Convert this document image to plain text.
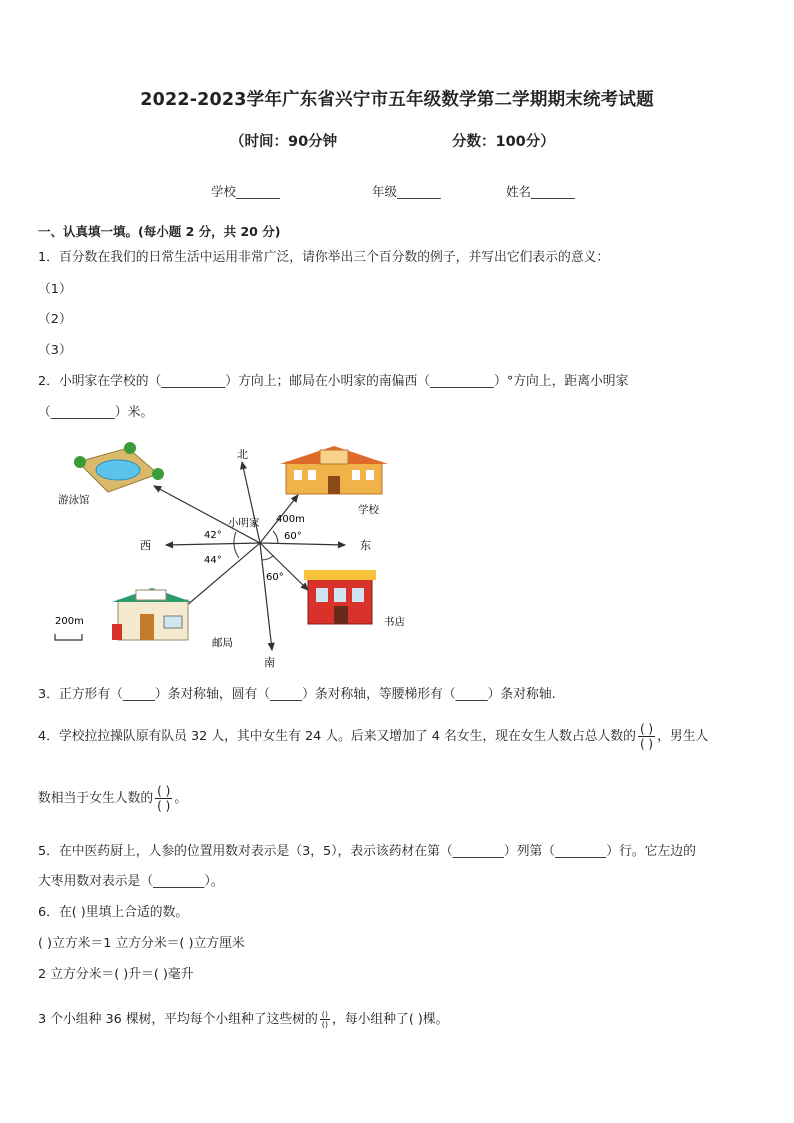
2022-2023学年广东省兴宁市五年级数学第二学期期末统考试题
（时间：90分钟	分数：100分）
学校_______	年级_______	姓名_______
一、认真填一填。(每小题 2 分，共 20 分)
1．百分数在我们的日常生活中运用非常广泛，请你举出三个百分数的例子，并写出它们表示的意义：
（1）
（2）
（3）
2．小明家在学校的（__________）方向上；邮局在小明家的南偏西（__________）°方向上，距离小明家
（__________）米。
北
南
西	东
小明家
游泳馆
学校
邮局
书店
400m
42°	60°
44°
60°
200m
3．正方形有（_____）条对称轴，圆有（_____）条对称轴，等腰梯形有（_____）条对称轴.
4．学校拉拉操队原有队员 32 人，其中女生有 24 人。后来又增加了 4 名女生，现在女生人数占总人数的 $\frac{( )}{( )}$ ，男生人
数相当于女生人数的 $\frac{( )}{( )}$ 。
5．在中医药厨上，人参的位置用数对表示是（3，5），表示该药材在第（________）列第（________）行。它左边的
大枣用数对表示是（________）。
6．在( )里填上合适的数。
( )立方米＝1 立方分米＝( )立方厘米
2 立方分米＝( )升＝( )毫升
3 个小组种 36 棵树，平均每个小组种了这些树的 $\frac{()}{()}$ ，每小组种了( )棵。
